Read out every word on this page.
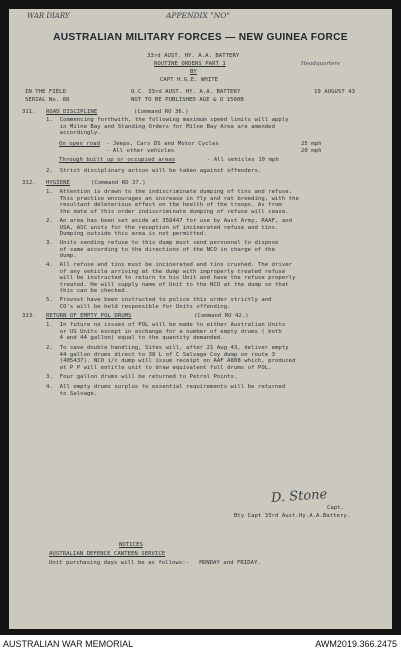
WAR DIARY	APPENDIX "NO"
Headquarters
AUSTRALIAN MILITARY FORCES — NEW GUINEA FORCE
33rd AUST. HY. A.A. BATTERY
ROUTINE ORDERS PART 1
BY
CAPT H.G.E. WHITE
IN THE FIELD	O.C. 33rd AUST. HY. A.A. BATTERY	19 AUGUST 43
SERIAL No. 88	NOT TO BE PUBLISHED AGE & O 1500B
311. ROAD DISCIPLINE	(Command RO 36.)
1.  Commencing forthwith, the following maximum speed limits will apply
in Milne Bay and Standing Orders for Milne Bay Area are amended
accordingly.
On open road - Jeeps, Cars DS and Motor Cycles	25 mph
- All other vehicles	20 mph
Through built up or occupied areas	- All vehicles 10 mph
2.  Strict disciplinary action will be taken against offenders.
312. HYGIENE	(Command RO 37.)
1.  Attention is drawn to the indiscriminate dumping of tins and refuse.
This practise encourages an increase in fly and rat breeding, with the
resultant deleterious effect on the health of the troops. As from
the date of this order indiscriminate dumping of refuse will cease.
2.  An area has been set aside at 358447 for use by Aust Army, RAAF, and
USA, ASC units for the reception of incinerated refuse and tins.
Dumping outside this area is not permitted.
3.  Units sending refuse to this dump must send personnel to dispose
of same according to the directions of the NCO in charge of the
dump.
4.  All refuse and tins must be incinerated and tins crushed. The driver
of any vehicle arriving at the dump with improperly treated refuse
will be instructed to return to his Unit and have the refuse properly
treated. He will supply name of Unit to the NCO at the dump so that
this can be checked.
5.  Provost have been instructed to police this order strictly and
CO's will be held responsible for Units offending.
313. RETURN OF EMPTY POL DRUMS	(Command RO 42.)
1.  In future no issues of POL will be made to either Australian Units
or US Units except in exchange for a number of empty drums ( both
4 and 44 gallon) equal to the quantity demanded.
2.  To save double handling, Sites will, after 21 Aug 43, deliver empty
44 gallon drums direct to 38 L of C Salvage Coy dump on route 3
(405437). NCO i/c dump will issue receipt on AAF A808 which, produced
at P P will entitle unit to draw equivalent full drums of POL.
3.  Four gallon drums will be returned to Petrol Points.
4.  All empty drums surplus to essential requirements will be returned
to Salvage.
D. Stone
Capt.
Bty Capt 33rd Aust.Hy.A.A.Battery.
NOTICES
AUSTRALIAN DEFENCE CANTEEN SERVICE
Unit purchasing days will be as follows:-   MONDAY and FRIDAY.
AUSTRALIAN WAR MEMORIAL	AWM2019.366.2475
